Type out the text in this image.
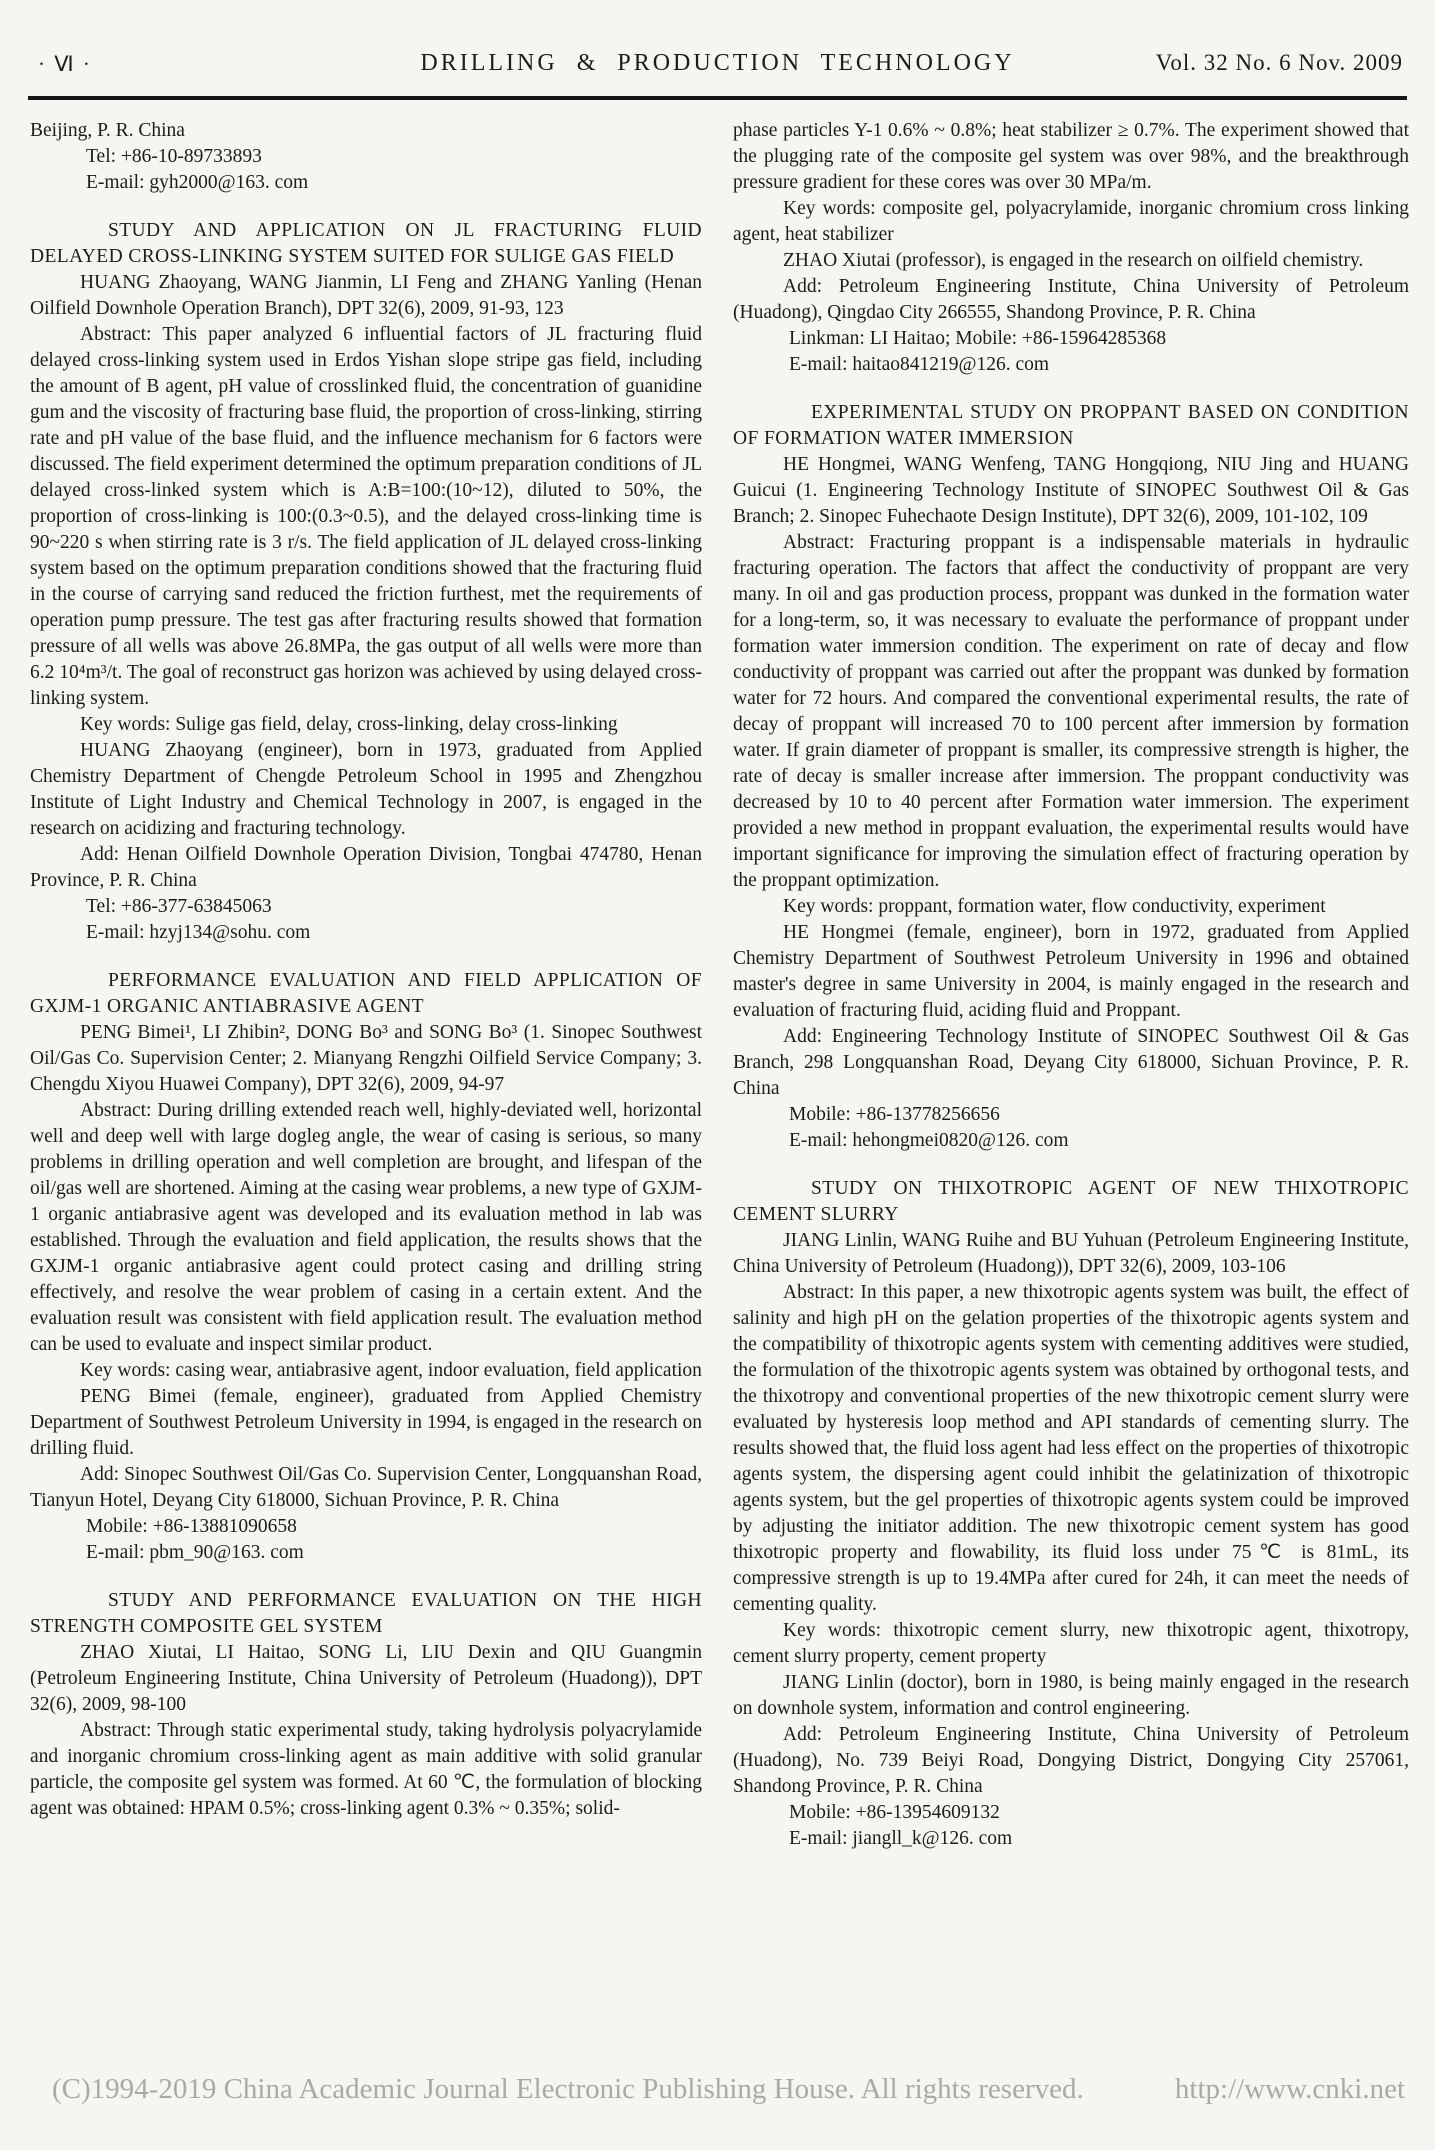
· Ⅵ ·	DRILLING & PRODUCTION TECHNOLOGY	Vol. 32 No. 6 Nov. 2009

Beijing, P. R. China

Tel: +86-10-89733893

E-mail: gyh2000@163. com

STUDY AND APPLICATION ON JL FRACTURING FLUID DELAYED CROSS-LINKING SYSTEM SUITED FOR SULIGE GAS FIELD

HUANG Zhaoyang, WANG Jianmin, LI Feng and ZHANG Yanling (Henan Oilfield Downhole Operation Branch), DPT 32(6), 2009, 91-93, 123

Abstract: This paper analyzed 6 influential factors of JL fracturing fluid delayed cross-linking system used in Erdos Yishan slope stripe gas field, including the amount of B agent, pH value of crosslinked fluid, the concentration of guanidine gum and the viscosity of fracturing base fluid, the proportion of cross-linking, stirring rate and pH value of the base fluid, and the influence mechanism for 6 factors were discussed. The field experiment determined the optimum preparation conditions of JL delayed cross-linked system which is A:B=100:(10~12), diluted to 50%, the proportion of cross-linking is 100:(0.3~0.5), and the delayed cross-linking time is 90~220 s when stirring rate is 3 r/s. The field application of JL delayed cross-linking system based on the optimum preparation conditions showed that the fracturing fluid in the course of carrying sand reduced the friction furthest, met the requirements of operation pump pressure. The test gas after fracturing results showed that formation pressure of all wells was above 26.8MPa, the gas output of all wells were more than 6.2 10⁴m³/t. The goal of reconstruct gas horizon was achieved by using delayed cross-linking system.

Key words: Sulige gas field, delay, cross-linking, delay cross-linking

HUANG Zhaoyang (engineer), born in 1973, graduated from Applied Chemistry Department of Chengde Petroleum School in 1995 and Zhengzhou Institute of Light Industry and Chemical Technology in 2007, is engaged in the research on acidizing and fracturing technology.

Add: Henan Oilfield Downhole Operation Division, Tongbai 474780, Henan Province, P. R. China

Tel: +86-377-63845063

E-mail: hzyj134@sohu. com

PERFORMANCE EVALUATION AND FIELD APPLICATION OF GXJM-1 ORGANIC ANTIABRASIVE AGENT

PENG Bimei¹, LI Zhibin², DONG Bo³ and SONG Bo³ (1. Sinopec Southwest Oil/Gas Co. Supervision Center; 2. Mianyang Rengzhi Oilfield Service Company; 3. Chengdu Xiyou Huawei Company), DPT 32(6), 2009, 94-97

Abstract: During drilling extended reach well, highly-deviated well, horizontal well and deep well with large dogleg angle, the wear of casing is serious, so many problems in drilling operation and well completion are brought, and lifespan of the oil/gas well are shortened. Aiming at the casing wear problems, a new type of GXJM-1 organic antiabrasive agent was developed and its evaluation method in lab was established. Through the evaluation and field application, the results shows that the GXJM-1 organic antiabrasive agent could protect casing and drilling string effectively, and resolve the wear problem of casing in a certain extent. And the evaluation result was consistent with field application result. The evaluation method can be used to evaluate and inspect similar product.

Key words: casing wear, antiabrasive agent, indoor evaluation, field application

PENG Bimei (female, engineer), graduated from Applied Chemistry Department of Southwest Petroleum University in 1994, is engaged in the research on drilling fluid.

Add: Sinopec Southwest Oil/Gas Co. Supervision Center, Longquanshan Road, Tianyun Hotel, Deyang City 618000, Sichuan Province, P. R. China

Mobile: +86-13881090658

E-mail: pbm_90@163. com

STUDY AND PERFORMANCE EVALUATION ON THE HIGH STRENGTH COMPOSITE GEL SYSTEM

ZHAO Xiutai, LI Haitao, SONG Li, LIU Dexin and QIU Guangmin (Petroleum Engineering Institute, China University of Petroleum (Huadong)), DPT 32(6), 2009, 98-100

Abstract: Through static experimental study, taking hydrolysis polyacrylamide and inorganic chromium cross-linking agent as main additive with solid granular particle, the composite gel system was formed. At 60 ℃, the formulation of blocking agent was obtained: HPAM 0.5%; cross-linking agent 0.3% ~ 0.35%; solid-

phase particles Y-1 0.6% ~ 0.8%; heat stabilizer ≥ 0.7%. The experiment showed that the plugging rate of the composite gel system was over 98%, and the breakthrough pressure gradient for these cores was over 30 MPa/m.

Key words: composite gel, polyacrylamide, inorganic chromium cross linking agent, heat stabilizer

ZHAO Xiutai (professor), is engaged in the research on oilfield chemistry.

Add: Petroleum Engineering Institute, China University of Petroleum (Huadong), Qingdao City 266555, Shandong Province, P. R. China

Linkman: LI Haitao; Mobile: +86-15964285368

E-mail: haitao841219@126. com

EXPERIMENTAL STUDY ON PROPPANT BASED ON CONDITION OF FORMATION WATER IMMERSION

HE Hongmei, WANG Wenfeng, TANG Hongqiong, NIU Jing and HUANG Guicui (1. Engineering Technology Institute of SINOPEC Southwest Oil & Gas Branch; 2. Sinopec Fuhechaote Design Institute), DPT 32(6), 2009, 101-102, 109

Abstract: Fracturing proppant is a indispensable materials in hydraulic fracturing operation. The factors that affect the conductivity of proppant are very many. In oil and gas production process, proppant was dunked in the formation water for a long-term, so, it was necessary to evaluate the performance of proppant under formation water immersion condition. The experiment on rate of decay and flow conductivity of proppant was carried out after the proppant was dunked by formation water for 72 hours. And compared the conventional experimental results, the rate of decay of proppant will increased 70 to 100 percent after immersion by formation water. If grain diameter of proppant is smaller, its compressive strength is higher, the rate of decay is smaller increase after immersion. The proppant conductivity was decreased by 10 to 40 percent after Formation water immersion. The experiment provided a new method in proppant evaluation, the experimental results would have important significance for improving the simulation effect of fracturing operation by the proppant optimization.

Key words: proppant, formation water, flow conductivity, experiment

HE Hongmei (female, engineer), born in 1972, graduated from Applied Chemistry Department of Southwest Petroleum University in 1996 and obtained master's degree in same University in 2004, is mainly engaged in the research and evaluation of fracturing fluid, aciding fluid and Proppant.

Add: Engineering Technology Institute of SINOPEC Southwest Oil & Gas Branch, 298 Longquanshan Road, Deyang City 618000, Sichuan Province, P. R. China

Mobile: +86-13778256656

E-mail: hehongmei0820@126. com

STUDY ON THIXOTROPIC AGENT OF NEW THIXOTROPIC CEMENT SLURRY

JIANG Linlin, WANG Ruihe and BU Yuhuan (Petroleum Engineering Institute, China University of Petroleum (Huadong)), DPT 32(6), 2009, 103-106

Abstract: In this paper, a new thixotropic agents system was built, the effect of salinity and high pH on the gelation properties of the thixotropic agents system and the compatibility of thixotropic agents system with cementing additives were studied, the formulation of the thixotropic agents system was obtained by orthogonal tests, and the thixotropy and conventional properties of the new thixotropic cement slurry were evaluated by hysteresis loop method and API standards of cementing slurry. The results showed that, the fluid loss agent had less effect on the properties of thixotropic agents system, the dispersing agent could inhibit the gelatinization of thixotropic agents system, but the gel properties of thixotropic agents system could be improved by adjusting the initiator addition. The new thixotropic cement system has good thixotropic property and flowability, its fluid loss under 75℃ is 81mL, its compressive strength is up to 19.4MPa after cured for 24h, it can meet the needs of cementing quality.

Key words: thixotropic cement slurry, new thixotropic agent, thixotropy, cement slurry property, cement property

JIANG Linlin (doctor), born in 1980, is being mainly engaged in the research on downhole system, information and control engineering.

Add: Petroleum Engineering Institute, China University of Petroleum (Huadong), No. 739 Beiyi Road, Dongying District, Dongying City 257061, Shandong Province, P. R. China

Mobile: +86-13954609132

E-mail: jiangll_k@126. com

(C)1994-2019 China Academic Journal Electronic Publishing House. All rights reserved.	http://www.cnki.net
